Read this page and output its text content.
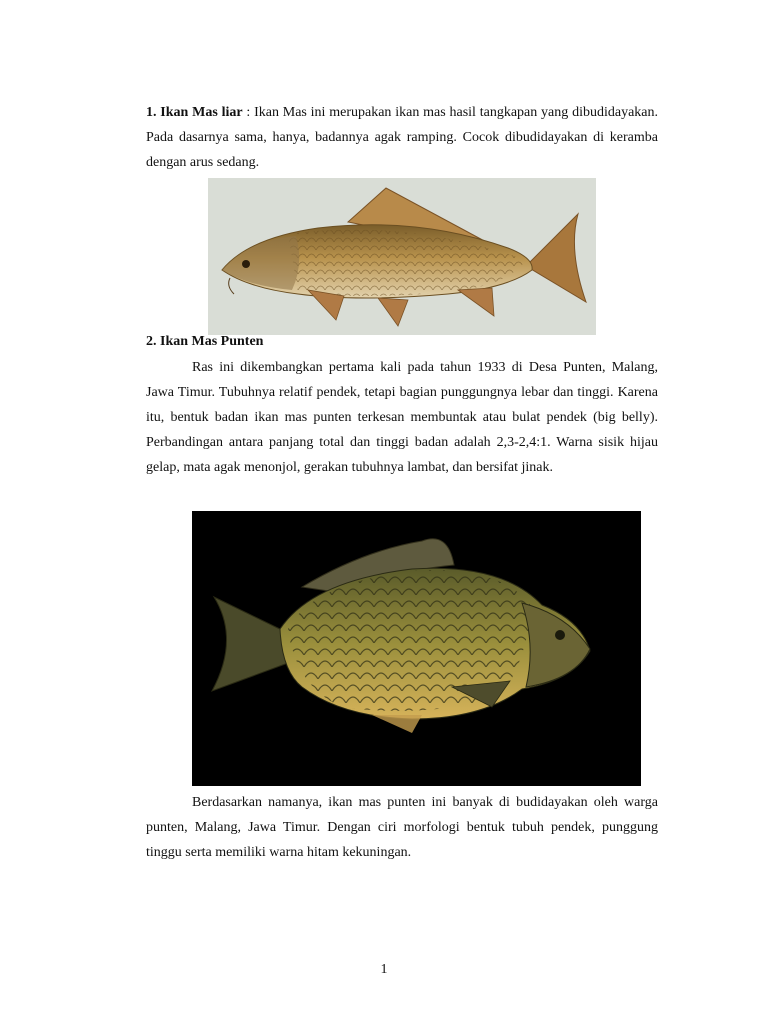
1. Ikan Mas liar : Ikan Mas ini merupakan ikan mas hasil tangkapan yang dibudidayakan. Pada dasarnya sama, hanya, badannya agak ramping. Cocok dibudidayakan di keramba dengan arus sedang.

2. Ikan Mas Punten

Ras ini dikembangkan pertama kali pada tahun 1933 di Desa Punten, Malang, Jawa Timur. Tubuhnya relatif pendek, tetapi bagian punggungnya lebar dan tinggi. Karena itu, bentuk badan ikan mas punten terkesan membuntak atau bulat pendek (big belly). Perbandingan antara panjang total dan tinggi badan adalah 2,3-2,4:1. Warna sisik hijau gelap, mata agak menonjol, gerakan tubuhnya lambat, dan bersifat jinak.

Berdasarkan namanya, ikan mas punten ini banyak di budidayakan oleh warga punten, Malang, Jawa Timur. Dengan ciri morfologi bentuk tubuh pendek, punggung tinggu serta memiliki warna hitam kekuningan.

1
